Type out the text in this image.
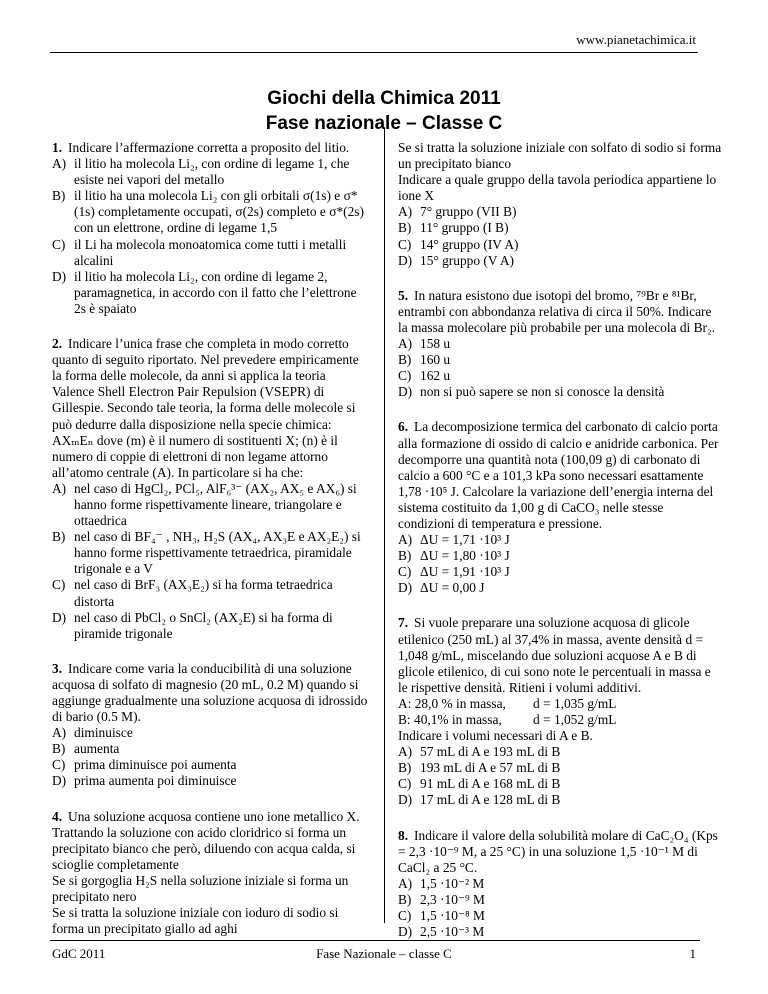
www.pianetachimica.it
Giochi della Chimica 2011
Fase nazionale – Classe C

1. Indicare l’affermazione corretta a proposito del litio.

A) il litio ha molecola Li₂, con ordine di legame 1, che esiste nei vapori del metallo
B) il litio ha una molecola Li₂ con gli orbitali σ(1s) e σ*(1s) completamente occupati, σ(2s) completo e σ*(2s) con un elettrone, ordine di legame 1,5
C) il Li ha molecola monoatomica come tutti i metalli alcalini
D) il litio ha molecola Li₂, con ordine di legame 2, paramagnetica, in accordo con il fatto che l’elettrone 2s è spaiato

2. Indicare l’unica frase che completa in modo corretto quanto di seguito riportato. Nel prevedere empiricamente la forma delle molecole, da anni si applica la teoria Valence Shell Electron Pair Repulsion (VSEPR) di Gillespie. Secondo tale teoria, la forma delle molecole si può dedurre dalla disposizione nella specie chimica: AXₘEₙ dove (m) è il numero di sostituenti X; (n) è il numero di coppie di elettroni di non legame attorno all’atomo centrale (A). In particolare si ha che:

A) nel caso di HgCl₂, PCl₅, AlF₆³⁻ (AX₂, AX₅ e AX₆) si hanno forme rispettivamente lineare, triangolare e ottaedrica
B) nel caso di BF₄⁻ , NH₃, H₂S (AX₄, AX₃E e AX₂E₂) si hanno forme rispettivamente tetraedrica, piramidale trigonale e a V
C) nel caso di BrF₃ (AX₃E₂) si ha forma tetraedrica distorta
D) nel caso di PbCl₂ o SnCl₂ (AX₂E) si ha forma di piramide trigonale

3. Indicare come varia la conducibilità di una soluzione acquosa di solfato di magnesio (20 mL, 0.2 M) quando si aggiunge gradualmente una soluzione acquosa di idrossido di bario (0.5 M).

A) diminuisce
B) aumenta
C) prima diminuisce poi aumenta
D) prima aumenta poi diminuisce

4. Una soluzione acquosa contiene uno ione metallico X.

Trattando la soluzione con acido cloridrico si forma un precipitato bianco che però, diluendo con acqua calda, si scioglie completamente

Se si gorgoglia H₂S nella soluzione iniziale si forma un precipitato nero

Se si tratta la soluzione iniziale con ioduro di sodio si forma un precipitato giallo ad aghi

Se si tratta la soluzione iniziale con solfato di sodio si forma un precipitato bianco

Indicare a quale gruppo della tavola periodica appartiene lo ione X

A) 7° gruppo (VII B)
B) 11° gruppo (I B)
C) 14° gruppo (IV A)
D) 15° gruppo (V A)

5. In natura esistono due isotopi del bromo, ⁷⁹Br e ⁸¹Br, entrambi con abbondanza relativa di circa il 50%. Indicare la massa molecolare più probabile per una molecola di Br₂.

A) 158 u
B) 160 u
C) 162 u
D) non si può sapere se non si conosce la densità

6. La decomposizione termica del carbonato di calcio porta alla formazione di ossido di calcio e anidride carbonica. Per decomporre una quantità nota (100,09 g) di carbonato di calcio a 600 °C e a 101,3 kPa sono necessari esattamente 1,78 ·10⁵ J. Calcolare la variazione dell’energia interna del sistema costituito da 1,00 g di CaCO₃ nelle stesse condizioni di temperatura e pressione.

A) ΔU = 1,71 ·10³ J
B) ΔU = 1,80 ·10³ J
C) ΔU = 1,91 ·10³ J
D) ΔU = 0,00 J

7. Si vuole preparare una soluzione acquosa di glicole etilenico (250 mL) al 37,4% in massa, avente densità d = 1,048 g/mL, miscelando due soluzioni acquose A e B di glicole etilenico, di cui sono note le percentuali in massa e le rispettive densità. Ritieni i volumi additivi.

A: 28,0 % in massa,	d = 1,035 g/mL
B: 40,1% in massa,	d = 1,052 g/mL

Indicare i volumi necessari di A e B.

A) 57 mL di A e 193 mL di B
B) 193 mL di A e 57 mL di B
C) 91 mL di A e 168 mL di B
D) 17 mL di A e 128 mL di B

8. Indicare il valore della solubilità molare di CaC₂O₄ (Kps = 2,3 ·10⁻⁹ M, a 25 °C) in una soluzione 1,5 ·10⁻¹ M di CaCl₂ a 25 °C.

A) 1,5 ·10⁻² M
B) 2,3 ·10⁻⁹ M
C) 1,5 ·10⁻⁸ M
D) 2,5 ·10⁻³ M
GdC 2011	Fase Nazionale – classe C	1
